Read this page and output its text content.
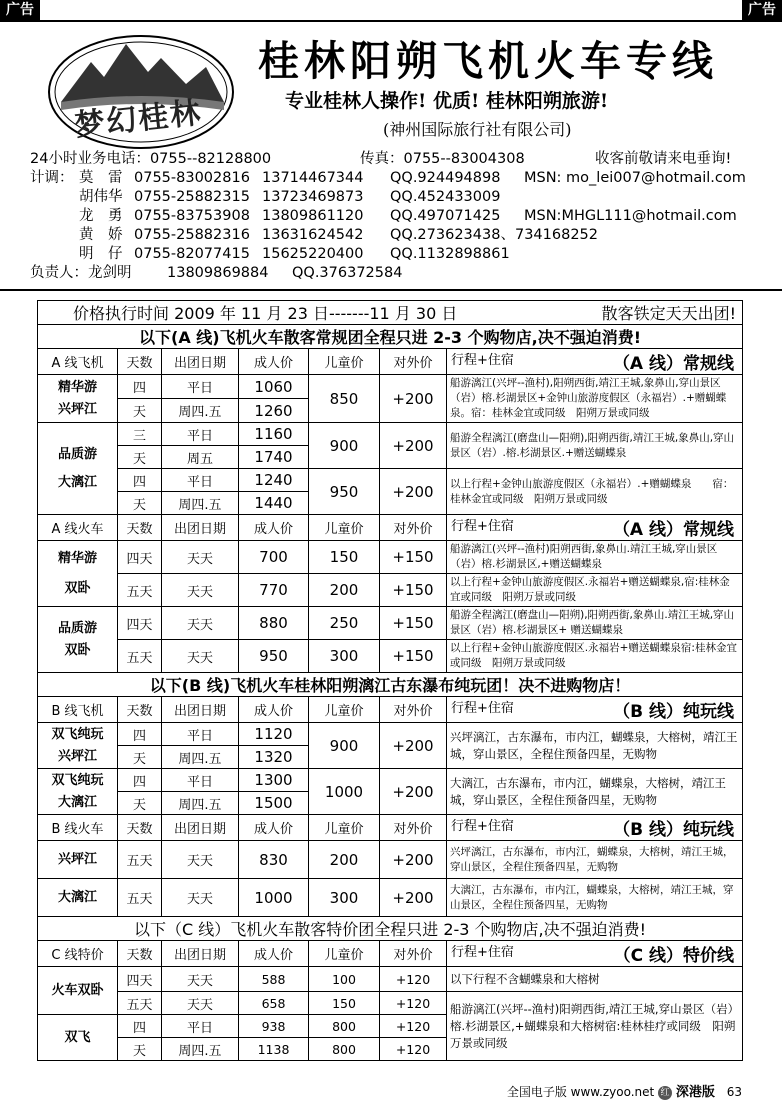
广告	广告
梦幻桂林
桂林阳朔飞机火车专线
专业桂林人操作! 优质! 桂林阳朔旅游!
(神州国际旅行社有限公司)
24小时业务电话：0755--82128800	传真：0755--83004308	收客前敬请来电垂询!
计调： 莫　雷 0755-83002816 13714467344 QQ.924494898 MSN: mo_lei007@hotmail.com
胡伟华 0755-25882315 13723469873 QQ.452433009
龙　勇 0755-83753908 13809861120 QQ.497071425 MSN:MHGL111@hotmail.com
黄　娇 0755-25882316 13631624542 QQ.273623438、734168252
明　仔 0755-82077415 15625220400 QQ.1132898861
负责人：龙剑明 13809869884 QQ.376372584
价格执行时间 2009 年 11 月 23 日-------11 月 30 日 散客铁定天天出团!						

以下(A 线)飞机火车散客常规团全程只进 2-3 个购物店,决不强迫消费!						
A 线飞机	天数	出团日期	成人价	儿童价	对外价	行程+住宿 （A 线）常规线

精华游
兴坪江	四	平日	1060	850	+200	船游漓江(兴坪--渔村),阳朔西街,靖江王城,象鼻山,穿山景区（岩）榕.杉湖景区+金钟山旅游度假区（永福岩）.+赠蝴蝶泉。宿：桂林金宜或同级　阳朔万景或同级
	天	周四.五	1260			

品质游
大漓江	三	平日	1160	900	+200	船游全程漓江(磨盘山—阳朔),阳朔西街,靖江王城,象鼻山,穿山景区（岩）.榕.杉湖景区.+赠送蝴蝶泉
	天	周五	1740			
	四	平日	1240	950	+200	以上行程+金钟山旅游度假区（永福岩）.+赠蝴蝶泉　　宿：桂林金宜或同级　阳朔万景或同级
	天	周四.五	1440			
A 线火车	天数	出团日期	成人价	儿童价	对外价	行程+住宿 （A 线）常规线

精华游
双卧	四天	天天	700	150	+150	船游漓江(兴坪--渔村)阳朔西街,象鼻山.靖江王城,穿山景区（岩）榕.杉湖景区,+赠送蝴蝶泉
	五天	天天	770	200	+150	以上行程+金钟山旅游度假区.永福岩+赠送蝴蝶泉,宿:桂林金宜或同级　阳朔万景或同级

品质游
双卧	四天	天天	880	250	+150	船游全程漓江(磨盘山—阳朔),阳朔西街,象鼻山.靖江王城,穿山景区（岩）榕.杉湖景区+ 赠送蝴蝶泉
	五天	天天	950	300	+150	以上行程+金钟山旅游度假区.永福岩+赠送蝴蝶泉宿:桂林金宜或同级　阳朔万景或同级
以下(B 线)飞机火车桂林阳朔漓江古东瀑布纯玩团！决不进购物店！						
B 线飞机	天数	出团日期	成人价	儿童价	对外价	行程+住宿 （B 线）纯玩线

双飞纯玩
兴坪江	四	平日	1120	900	+200	兴坪漓江，古东瀑布，市内江，蝴蝶泉，大榕树，靖江王城，穿山景区，全程住预备四星，无购物
	天	周四.五	1320			

双飞纯玩
大漓江	四	平日	1300	1000	+200	大漓江，古东瀑布，市内江，蝴蝶泉，大榕树，靖江王城，穿山景区，全程住预备四星，无购物
	天	周四.五	1500			
B 线火车	天数	出团日期	成人价	儿童价	对外价	行程+住宿 （B 线）纯玩线

兴坪江	五天	天天	830	200	+200	兴坪漓江，古东瀑布，市内江，蝴蝶泉，大榕树，靖江王城，穿山景区，全程住预备四星，无购物
大漓江	五天	天天	1000	300	+200	大漓江，古东瀑布，市内江，蝴蝶泉，大榕树，靖江王城，穿山景区，全程住预备四星，无购物
以下（C 线）飞机火车散客特价团全程只进 2-3 个购物店,决不强迫消费!						
C 线特价	天数	出团日期	成人价	儿童价	对外价	行程+住宿 （C 线）特价线

火车双卧	四天	天天	588	100	+120	以下行程不含蝴蝶泉和大榕树
	五天	天天	658	150	+120	船游漓江(兴坪--渔村)阳朔西街,靖江王城,穿山景区（岩）榕.杉湖景区,+蝴蝶泉和大榕树宿:桂林桂疗或同级　阳朔万景或同级
双飞	四	平日	938	800	+120	
	天	周四.五	1138	800	+120	
全国电子版 www.zyoo.net 红 深港版 63
